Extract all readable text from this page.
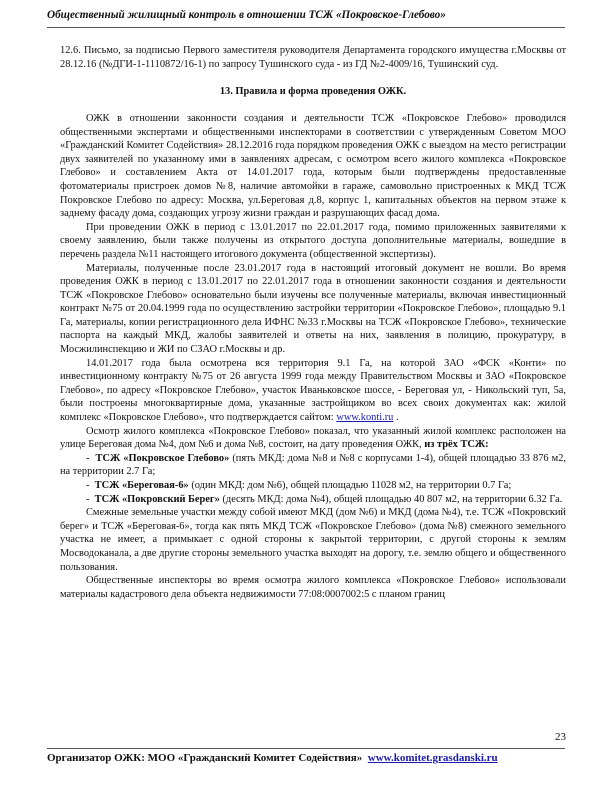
Общественный жилищный контроль в отношении ТСЖ «Покровское-Глебово»

12.6. Письмо, за подписью Первого заместителя руководителя Департамента городского имущества г.Москвы от 28.12.16 (№ДГИ-1-1110872/16-1) по запросу Тушинского суда - из ГД №2-4009/16, Тушинский суд.

13. Правила и форма проведения ОЖК.

ОЖК в отношении законности создания и деятельности ТСЖ «Покровское Глебово» проводился общественными экспертами и общественными инспекторами в соответствии с утвержденным Советом МОО «Гражданский Комитет Содействия» 28.12.2016 года порядком проведения ОЖК с выездом на место регистрации двух заявителей по указанному ими в заявлениях адресам, с осмотром всего жилого комплекса «Покровское Глебово» и составлением Акта от 14.01.2017 года, которым были подтверждены предоставленные фотоматериалы пристроек домов №8, наличие автомойки в гараже, самовольно пристроенных к МКД ТСЖ Покровское Глебово по адресу: Москва, ул.Береговая д.8, корпус 1, капитальных объектов на первом этаже к заднему фасаду дома, создающих угрозу жизни граждан и разрушающих фасад дома.

При проведении ОЖК в период с 13.01.2017 по 22.01.2017 года, помимо приложенных заявителями к своему заявлению, были также получены из открытого доступа дополнительные материалы, вошедшие в перечень раздела №11 настоящего итогового документа (общественной экспертизы).

Материалы, полученные после 23.01.2017 года в настоящий итоговый документ не вошли. Во время проведения ОЖК в период с 13.01.2017 по 22.01.2017 года в отношении законности создания и деятельности ТСЖ «Покровское Глебово» основательно были изучены все полученные материалы, включая инвестиционный контракт №75 от 20.04.1999 года по осуществлению застройки территории «Покровское Глебово», площадью 9.1 Га, материалы, копии регистрационного дела ИФНС №33 г.Москвы на ТСЖ «Покровское Глебово», технические паспорта на каждый МКД, жалобы заявителей и ответы на них, заявления в полицию, прокуратуру, в Мосжилинспекцию и ЖИ по СЗАО г.Москвы и др.

14.01.2017 года была осмотрена вся территория 9.1 Га, на которой ЗАО «ФСК «Конти» по инвестиционному контракту №75 от 26 августа 1999 года между Правительством Москвы и ЗАО «Покровское Глебово», по адресу «Покровское Глебово», участок Иваньковское шоссе, - Береговая ул, - Никольский туп, 5а, были построены многоквартирные дома, указанные застройщиком во всех своих документах как: жилой комплекс «Покровское Глебово», что подтверждается сайтом: www.konti.ru .

Осмотр жилого комплекса «Покровское Глебово» показал, что указанный жилой комплекс расположен на улице Береговая дома №4, дом №6 и дома №8, состоит, на дату проведения ОЖК, из трёх ТСЖ:

-  ТСЖ «Покровское Глебово» (пять МКД: дома №8 и №8 с корпусами 1-4), общей площадью 33 876 м2, на территории 2.7 Га;

-  ТСЖ «Береговая-6» (один МКД: дом №6), общей площадью 11028 м2, на территории 0.7 Га;

-  ТСЖ «Покровский Берег» (десять МКД: дома №4), общей площадью 40 807 м2, на территории 6.32 Га.

Смежные земельные участки между собой имеют МКД (дом №6) и МКД (дома №4), т.е. ТСЖ «Покровский берег» и ТСЖ «Береговая-6», тогда как пять МКД ТСЖ «Покровское Глебово» (дома №8) смежного земельного участка не имеет, а примыкает с одной стороны к закрытой территории, с другой стороны к землям Мосводоканала, а две другие стороны земельного участка выходят на дорогу, т.е. землю общего и общественного пользования.

Общественные инспекторы во время осмотра жилого комплекса «Покровское Глебово» использовали материалы кадастрового дела объекта недвижимости 77:08:0007002:5 с планом границ

23
Организатор ОЖК: МОО «Гражданский Комитет Содействия» www.komitet.grasdanski.ru
